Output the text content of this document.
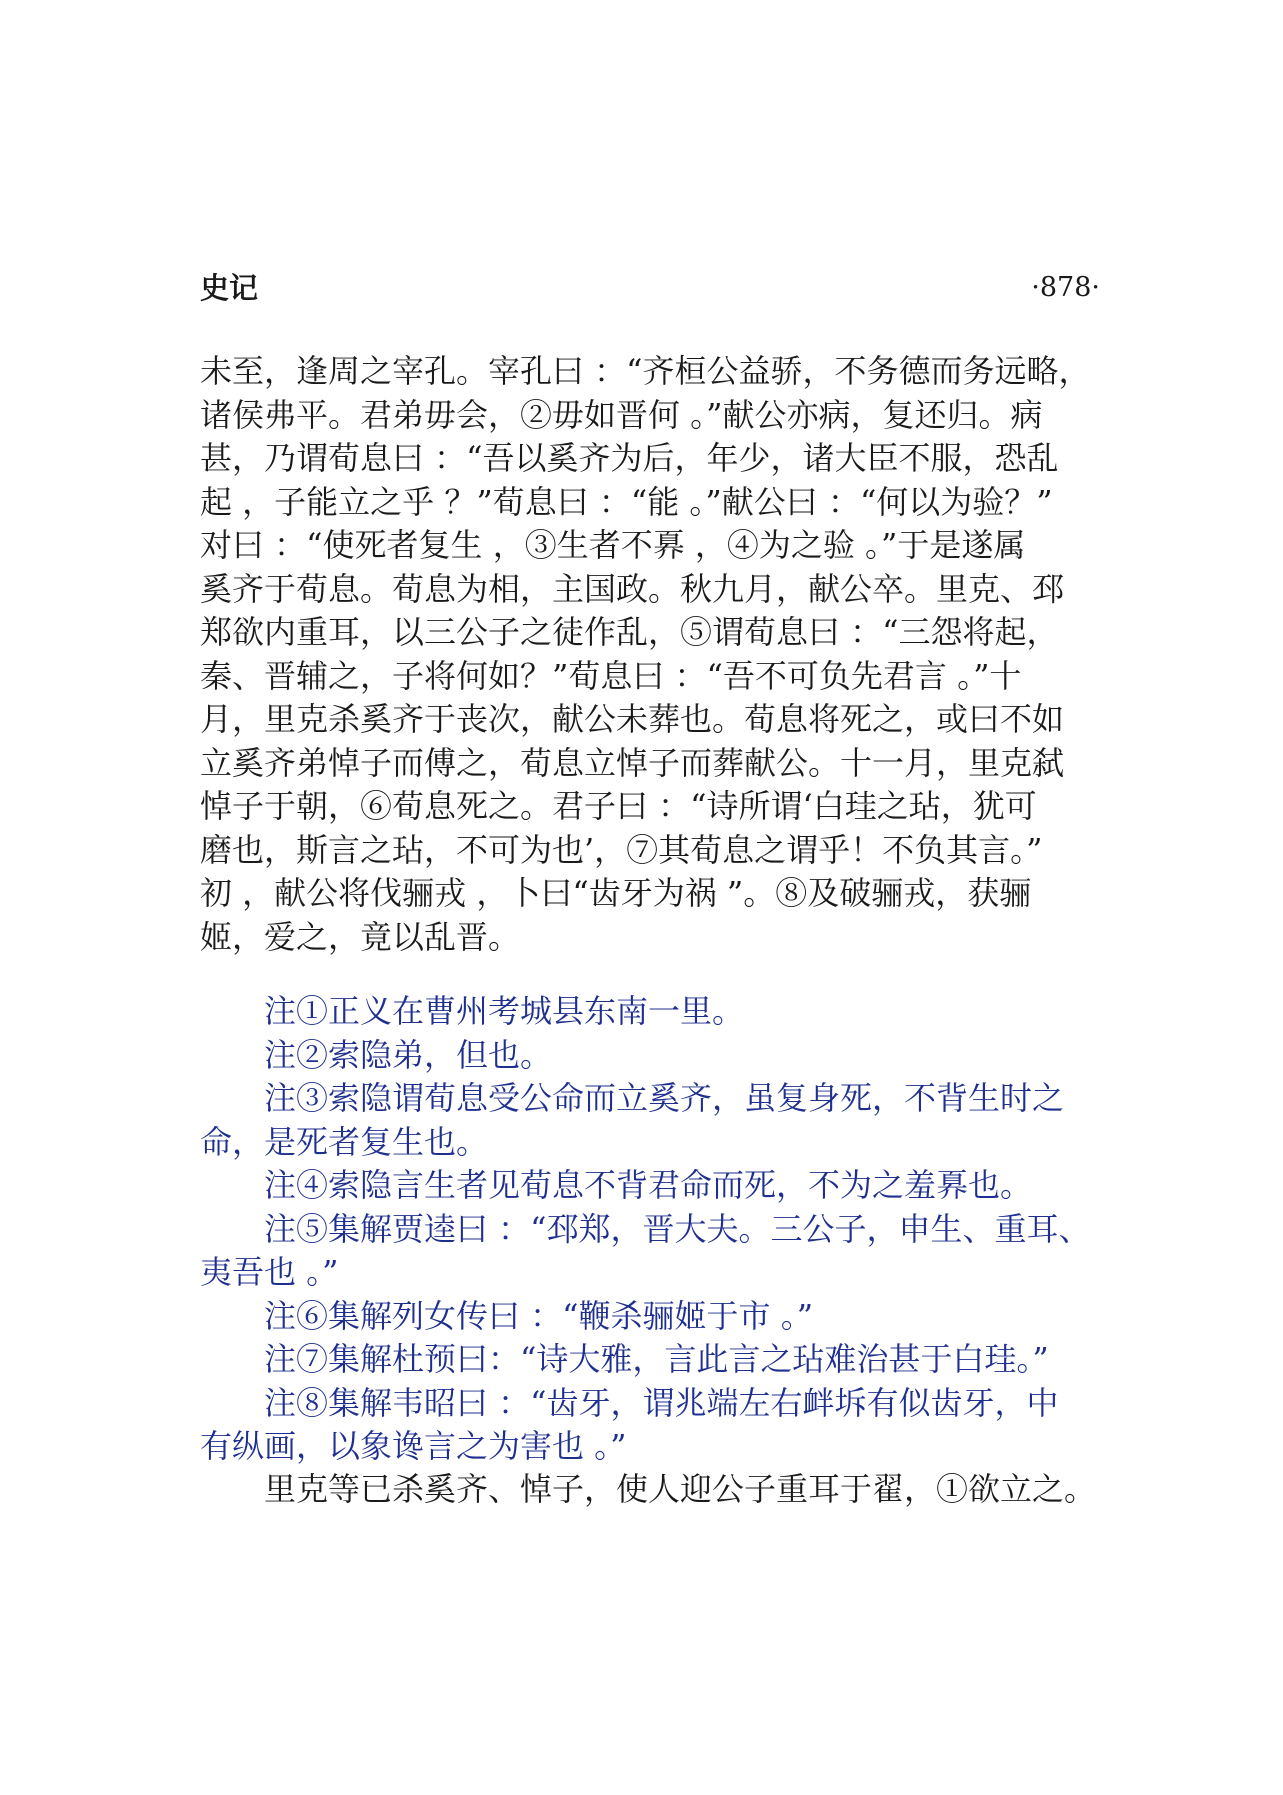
史记	·878·
未至，逢周之宰孔。宰孔曰 ：“齐桓公益骄，不务德而务远略，
诸侯弗平。君弟毋会，②毋如晋何 。”献公亦病，复还归。病
甚，乃谓荀息曰 ：“吾以奚齐为后，年少，诸大臣不服，恐乱
起 ，子能立之乎 ？”荀息曰 ：“能 。”献公曰 ：“何以为验？”
对曰 ：“使死者复生 ，③生者不奡 ，④为之验 。”于是遂属
奚齐于荀息。荀息为相，主国政。秋九月，献公卒。里克、邳
郑欲内重耳，以三公子之徒作乱，⑤谓荀息曰 ：“三怨将起，
秦、晋辅之，子将何如？”荀息曰 ：“吾不可负先君言 。”十
月，里克杀奚齐于丧次，献公未葬也。荀息将死之，或曰不如
立奚齐弟悼子而傅之，荀息立悼子而葬献公。十一月，里克弑
悼子于朝，⑥荀息死之。君子曰 ：“诗所谓‘白珪之玷，犹可
磨也，斯言之玷，不可为也’，⑦其荀息之谓乎！不负其言。”
初 ，献公将伐骊戎 ，卜曰“齿牙为祸 ”。⑧及破骊戎，获骊
姬，爱之，竟以乱晋。
注①正义在曹州考城县东南一里。
注②索隐弟，但也。
注③索隐谓荀息受公命而立奚齐，虽复身死，不背生时之
命，是死者复生也。
注④索隐言生者见荀息不背君命而死，不为之羞奡也。
注⑤集解贾逵曰 ：“邳郑，晋大夫。三公子，申生、重耳、
夷吾也 。”
注⑥集解列女传曰 ：“鞭杀骊姬于市 。”
注⑦集解杜预曰：“诗大雅，言此言之玷难治甚于白珪。”
注⑧集解韦昭曰 ：“齿牙，谓兆端左右衅坼有似齿牙，中
有纵画，以象谗言之为害也 。”
里克等已杀奚齐、悼子，使人迎公子重耳于翟，①欲立之。
